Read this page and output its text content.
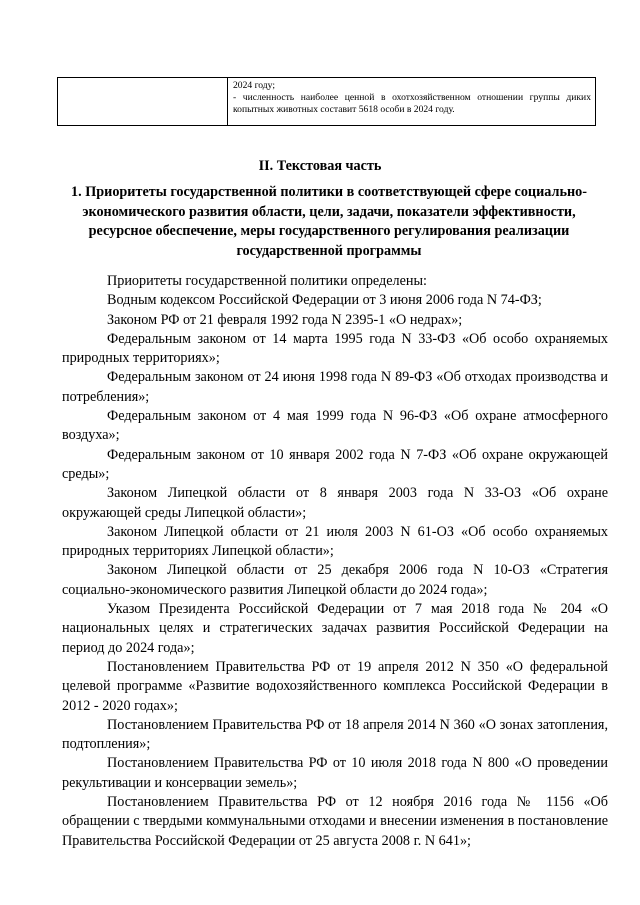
2024 году;

- численность наиболее ценной в охотхозяйственном отношении группы диких копытных животных составит 5618 особи в 2024 году.

II. Текстовая часть
1. Приоритеты государственной политики в соответствующей сфере социально-экономического развития области, цели, задачи, показатели эффективности, ресурсное обеспечение, меры государственного регулирования реализации государственной программы

Приоритеты государственной политики определены:

Водным кодексом Российской Федерации от 3 июня 2006 года N 74-ФЗ;

Законом РФ от 21 февраля 1992 года N 2395-1 «О недрах»;

Федеральным законом от 14 марта 1995 года N 33-ФЗ «Об особо охраняемых природных территориях»;

Федеральным законом от 24 июня 1998 года N 89-ФЗ «Об отходах производства и потребления»;

Федеральным законом от 4 мая 1999 года N 96-ФЗ «Об охране атмосферного воздуха»;

Федеральным законом от 10 января 2002 года N 7-ФЗ «Об охране окружающей среды»;

Законом Липецкой области от 8 января 2003 года N 33-ОЗ «Об охране окружающей среды Липецкой области»;

Законом Липецкой области от 21 июля 2003 N 61-ОЗ «Об особо охраняемых природных территориях Липецкой области»;

Законом Липецкой области от 25 декабря 2006 года N 10-ОЗ «Стратегия социально-экономического развития Липецкой области до 2024 года»;

Указом Президента Российской Федерации от 7 мая 2018 года № 204 «О национальных целях и стратегических задачах развития Российской Федерации на период до 2024 года»;

Постановлением Правительства РФ от 19 апреля 2012 N 350 «О федеральной целевой программе «Развитие водохозяйственного комплекса Российской Федерации в 2012 - 2020 годах»;

Постановлением Правительства РФ от 18 апреля 2014 N 360 «О зонах затопления, подтопления»;

Постановлением Правительства РФ от 10 июля 2018 года N 800 «О проведении рекультивации и консервации земель»;

Постановлением Правительства РФ от 12 ноября 2016 года № 1156 «Об обращении с твердыми коммунальными отходами и внесении изменения в постановление Правительства Российской Федерации от 25 августа 2008 г. N 641»;
